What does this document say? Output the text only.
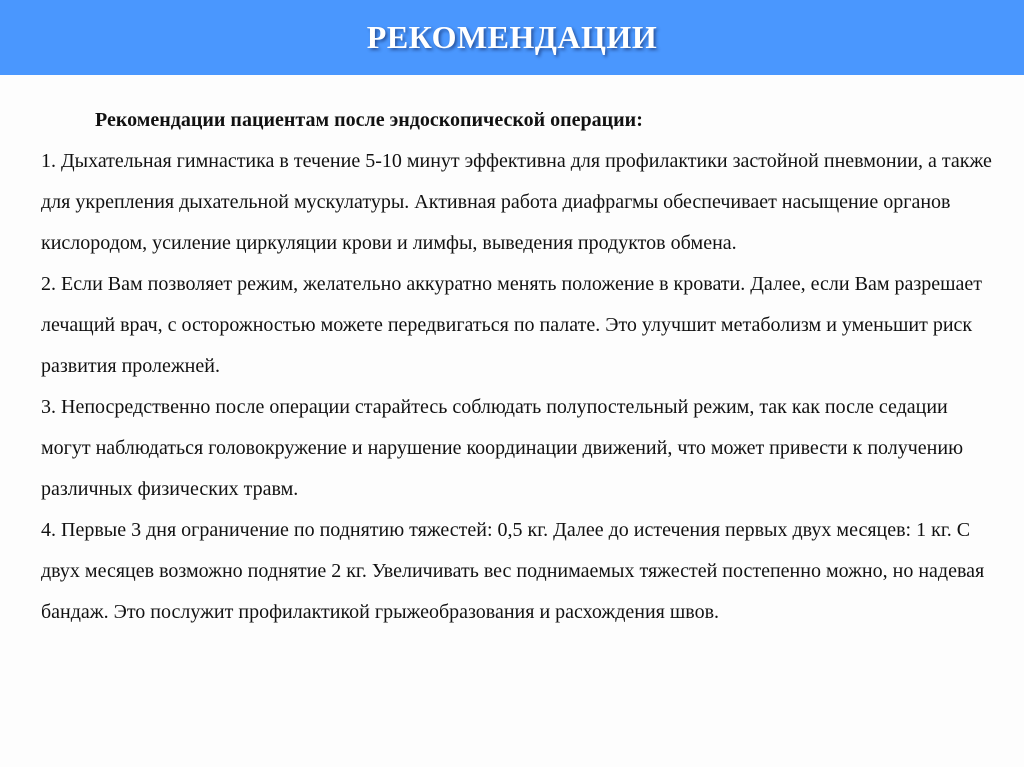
РЕКОМЕНДАЦИИ

Рекомендации пациентам после эндоскопической операции:

1. Дыхательная гимнастика в течение 5-10 минут эффективна для профилактики застойной пневмонии, а также для укрепления дыхательной мускулатуры. Активная работа диафрагмы обеспечивает насыщение органов кислородом, усиление циркуляции крови и лимфы, выведения продуктов обмена.

2. Если Вам позволяет режим, желательно аккуратно менять положение в кровати. Далее, если Вам разрешает лечащий врач, с осторожностью можете передвигаться по палате. Это улучшит метаболизм и уменьшит риск развития пролежней.

3. Непосредственно после операции старайтесь соблюдать полупостельный режим, так как после седации могут наблюдаться головокружение и нарушение координации движений, что может привести к получению различных физических травм.

4. Первые 3 дня ограничение по поднятию тяжестей: 0,5 кг. Далее до истечения первых двух месяцев: 1 кг. С двух месяцев возможно поднятие 2 кг. Увеличивать вес поднимаемых тяжестей постепенно можно, но надевая бандаж. Это послужит профилактикой грыжеобразования и расхождения швов.
